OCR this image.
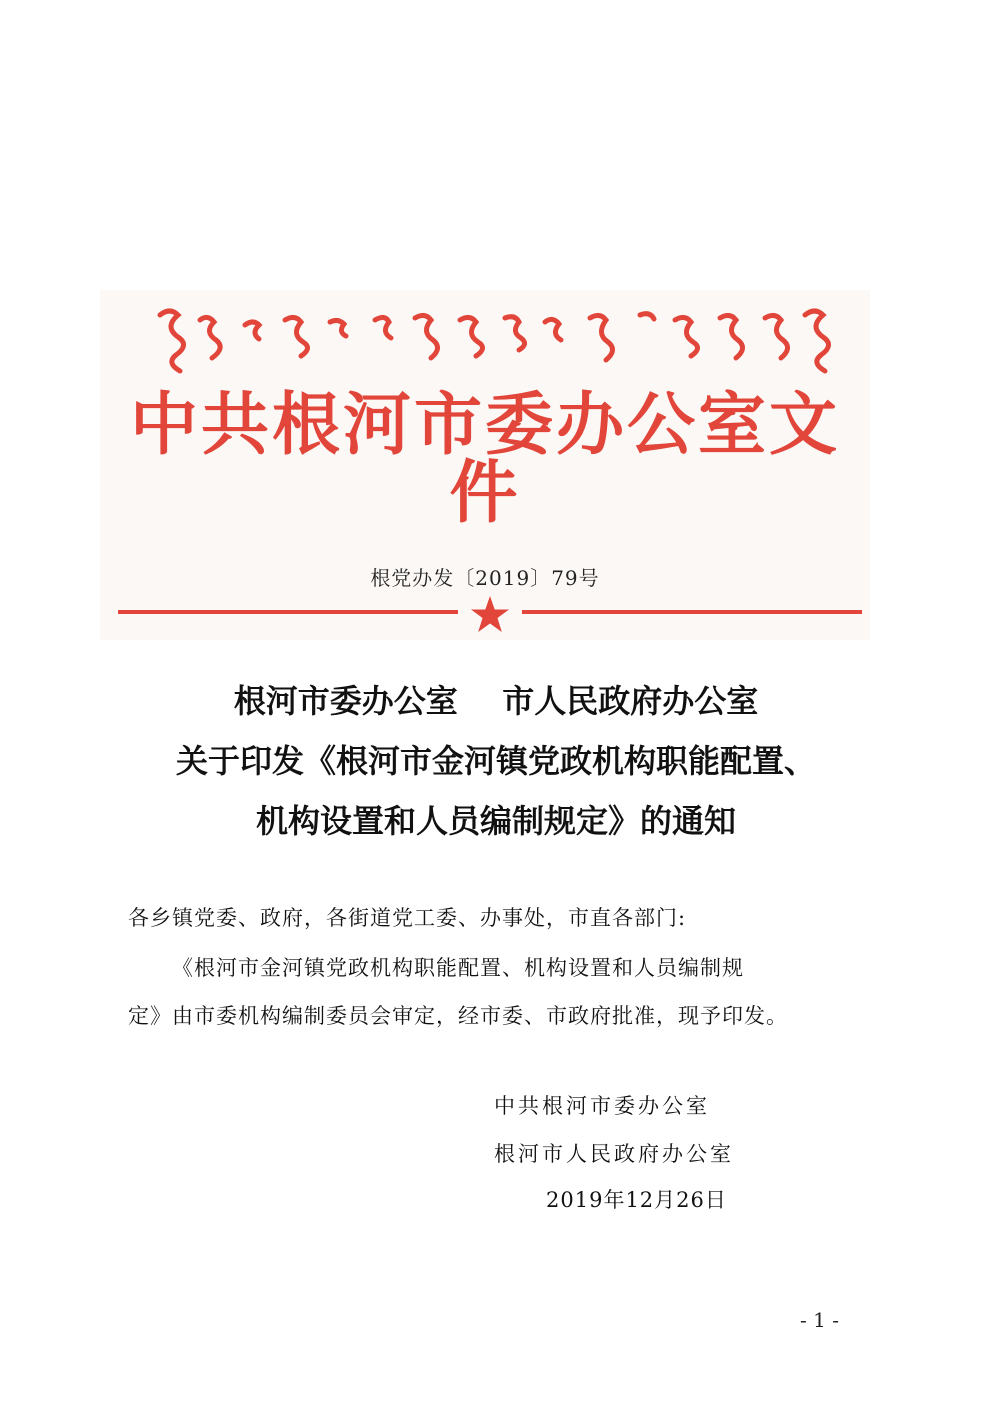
中共根河市委办公室文件
根党办发〔2019〕79号
根河市委办公室    市人民政府办公室
关于印发《根河市金河镇党政机构职能配置、
机构设置和人员编制规定》的通知
各乡镇党委、政府，各街道党工委、办事处，市直各部门:
《根河市金河镇党政机构职能配置、机构设置和人员编制规
定》由市委机构编制委员会审定，经市委、市政府批准，现予印发。
中共根河市委办公室
根河市人民政府办公室
2019年12月26日
- 1 -
